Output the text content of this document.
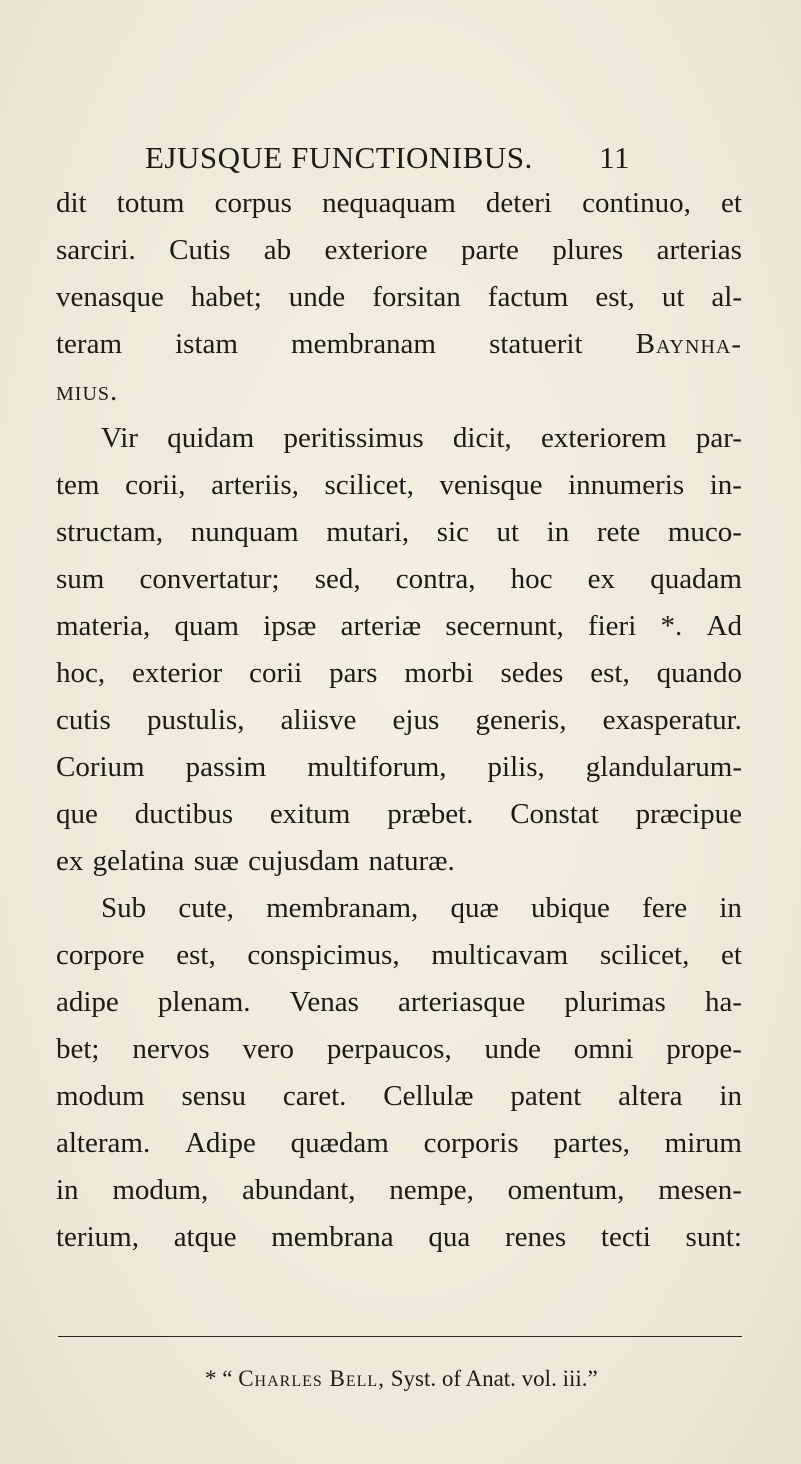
EJUSQUE FUNCTIONIBUS. 11
dit totum corpus nequaquam deteri continuo, et
sarciri. Cutis ab exteriore parte plures arterias
venasque habet; unde forsitan factum est, ut al-
teram istam membranam statuerit Baynha-
mius.
Vir quidam peritissimus dicit, exteriorem par-
tem corii, arteriis, scilicet, venisque innumeris in-
structam, nunquam mutari, sic ut in rete muco-
sum convertatur; sed, contra, hoc ex quadam
materia, quam ipsæ arteriæ secernunt, fieri *. Ad
hoc, exterior corii pars morbi sedes est, quando
cutis pustulis, aliisve ejus generis, exasperatur.
Corium passim multiforum, pilis, glandularum-
que ductibus exitum præbet. Constat præcipue
ex gelatina suæ cujusdam naturæ.
Sub cute, membranam, quæ ubique fere in
corpore est, conspicimus, multicavam scilicet, et
adipe plenam. Venas arteriasque plurimas ha-
bet; nervos vero perpaucos, unde omni prope-
modum sensu caret. Cellulæ patent altera in
alteram. Adipe quædam corporis partes, mirum
in modum, abundant, nempe, omentum, mesen-
terium, atque membrana qua renes tecti sunt:
* “ Charles Bell, Syst. of Anat. vol. iii.”
